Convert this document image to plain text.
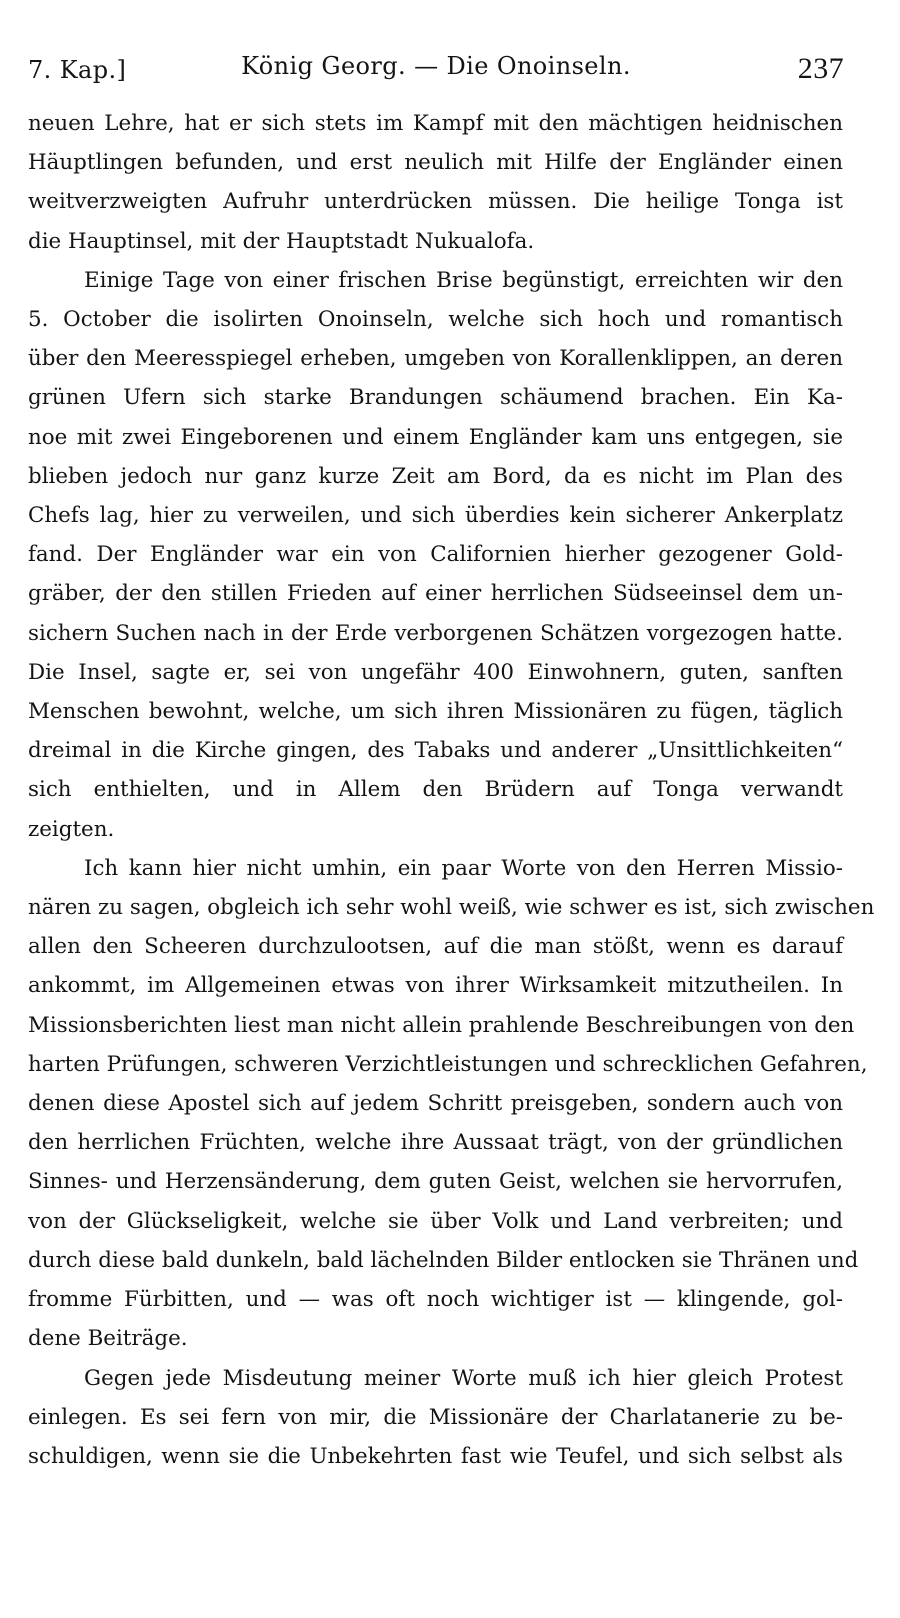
7. Kap.]	König Georg. — Die Onoinseln.	237
neuen Lehre, hat er sich stets im Kampf mit den mächtigen heidnischen
Häuptlingen befunden, und erst neulich mit Hilfe der Engländer einen
weitverzweigten Aufruhr unterdrücken müssen. Die heilige Tonga ist
die Hauptinsel, mit der Hauptstadt Nukualofa.
Einige Tage von einer frischen Brise begünstigt, erreichten wir den
5. October die isolirten Onoinseln, welche sich hoch und romantisch
über den Meeresspiegel erheben, umgeben von Korallenklippen, an deren
grünen Ufern sich starke Brandungen schäumend brachen. Ein Ka-
noe mit zwei Eingeborenen und einem Engländer kam uns entgegen, sie
blieben jedoch nur ganz kurze Zeit am Bord, da es nicht im Plan des
Chefs lag, hier zu verweilen, und sich überdies kein sicherer Ankerplatz
fand. Der Engländer war ein von Californien hierher gezogener Gold-
gräber, der den stillen Frieden auf einer herrlichen Südseeinsel dem un-
sichern Suchen nach in der Erde verborgenen Schätzen vorgezogen hatte.
Die Insel, sagte er, sei von ungefähr 400 Einwohnern, guten, sanften
Menschen bewohnt, welche, um sich ihren Missionären zu fügen, täglich
dreimal in die Kirche gingen, des Tabaks und anderer „Unsittlichkeiten“
sich enthielten, und in Allem den Brüdern auf Tonga verwandt
zeigten.
Ich kann hier nicht umhin, ein paar Worte von den Herren Missio-
nären zu sagen, obgleich ich sehr wohl weiß, wie schwer es ist, sich zwischen
allen den Scheeren durchzulootsen, auf die man stößt, wenn es darauf
ankommt, im Allgemeinen etwas von ihrer Wirksamkeit mitzutheilen. In
Missionsberichten liest man nicht allein prahlende Beschreibungen von den
harten Prüfungen, schweren Verzichtleistungen und schrecklichen Gefahren,
denen diese Apostel sich auf jedem Schritt preisgeben, sondern auch von
den herrlichen Früchten, welche ihre Aussaat trägt, von der gründlichen
Sinnes- und Herzensänderung, dem guten Geist, welchen sie hervorrufen,
von der Glückseligkeit, welche sie über Volk und Land verbreiten; und
durch diese bald dunkeln, bald lächelnden Bilder entlocken sie Thränen und
fromme Fürbitten, und — was oft noch wichtiger ist — klingende, gol-
dene Beiträge.
Gegen jede Misdeutung meiner Worte muß ich hier gleich Protest
einlegen. Es sei fern von mir, die Missionäre der Charlatanerie zu be-
schuldigen, wenn sie die Unbekehrten fast wie Teufel, und sich selbst als
